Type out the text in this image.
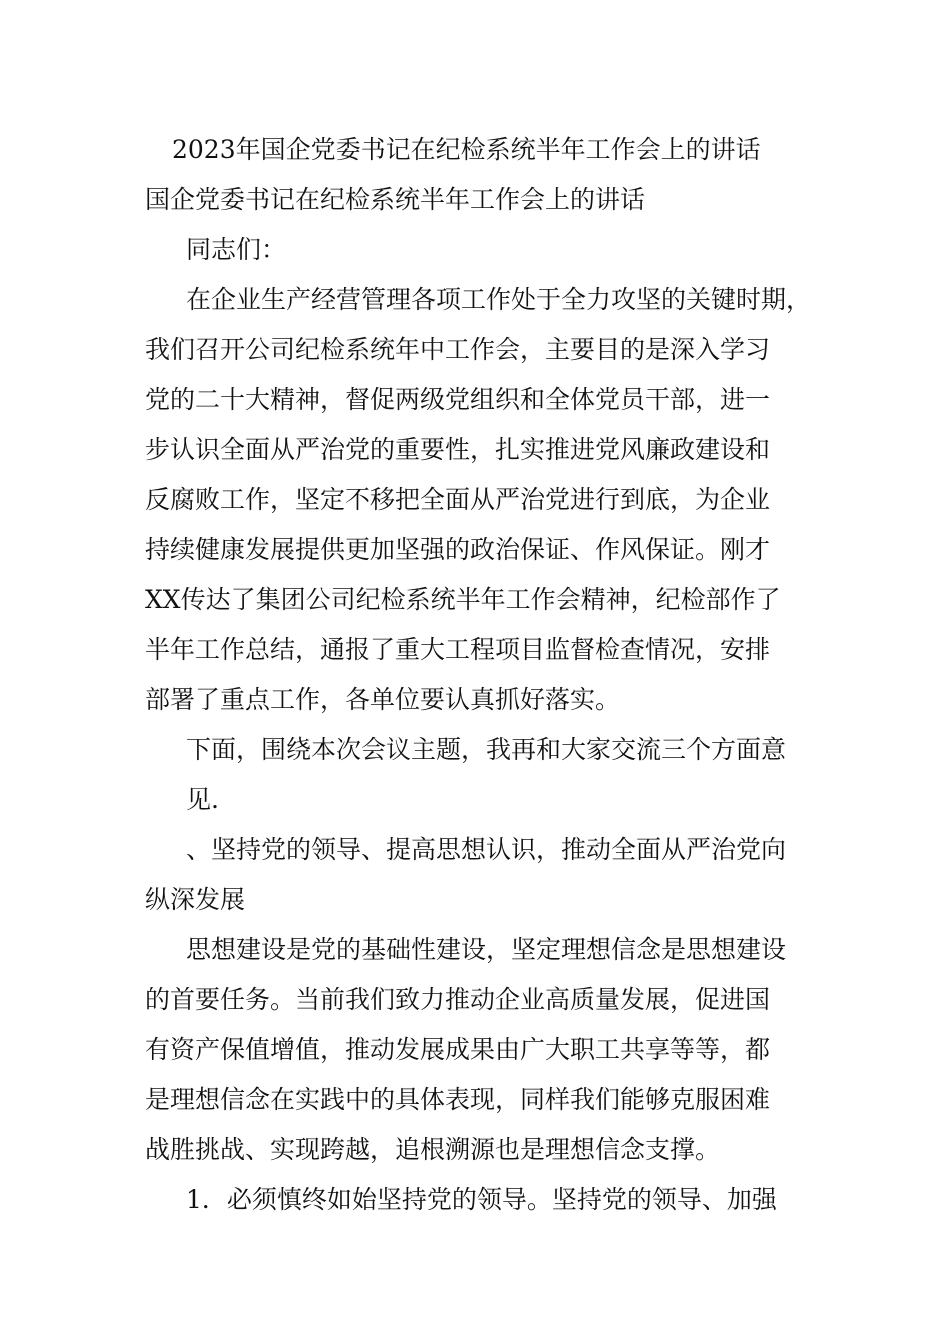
2023年国企党委书记在纪检系统半年工作会上的讲话
国企党委书记在纪检系统半年工作会上的讲话
同志们：
在企业生产经营管理各项工作处于全力攻坚的关键时期，
我们召开公司纪检系统年中工作会，主要目的是深入学习
党的二十大精神，督促两级党组织和全体党员干部，进一
步认识全面从严治党的重要性，扎实推进党风廉政建设和
反腐败工作，坚定不移把全面从严治党进行到底，为企业
持续健康发展提供更加坚强的政治保证、作风保证。刚才
XX传达了集团公司纪检系统半年工作会精神，纪检部作了
半年工作总结，通报了重大工程项目监督检查情况，安排
部署了重点工作，各单位要认真抓好落实。
下面，围绕本次会议主题，我再和大家交流三个方面意
见.
、坚持党的领导、提高思想认识，推动全面从严治党向
纵深发展
思想建设是党的基础性建设，坚定理想信念是思想建设
的首要任务。当前我们致力推动企业高质量发展，促进国
有资产保值增值，推动发展成果由广大职工共享等等，都
是理想信念在实践中的具体表现，同样我们能够克服困难
战胜挑战、实现跨越，追根溯源也是理想信念支撑。
1．必须慎终如始坚持党的领导。坚持党的领导、加强
